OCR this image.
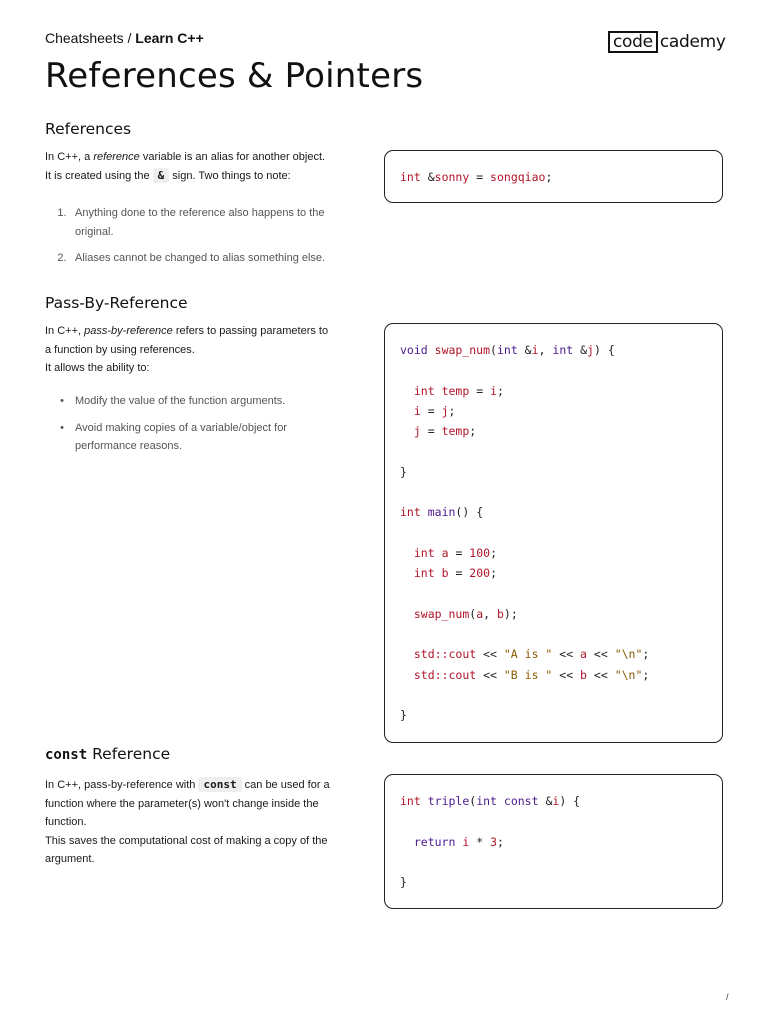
Cheatsheets / Learn C++	code cademy
References & Pointers
References
In C++, a reference variable is an alias for another object.
It is created using the & sign. Two things to note:
1. Anything done to the reference also happens to the original.
2. Aliases cannot be changed to alias something else.
int &sonny = songqiao;
Pass-By-Reference
In C++, pass-by-reference refers to passing parameters to a function by using references.
It allows the ability to:
•	Modify the value of the function arguments.
•	Avoid making copies of a variable/object for performance reasons.
void swap_num(int &i, int &j) {

int temp = i;
i = j;
j = temp;

}

int main() {

int a = 100;
int b = 200;

swap_num(a, b);

std::cout << "A is " << a << "\n";
std::cout << "B is " << b << "\n";

}
const Reference
In C++, pass-by-reference with const can be used for a function where the parameter(s) won't change inside the function.
This saves the computational cost of making a copy of the argument.
int triple(int const &i) {

return i * 3;

}
/
